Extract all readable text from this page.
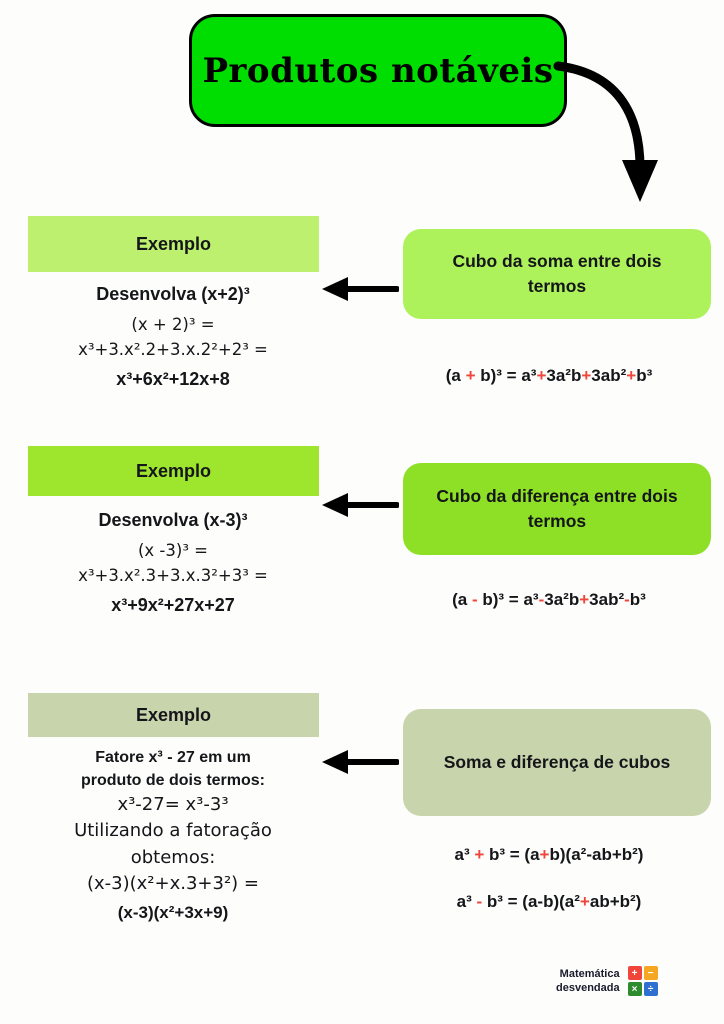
Produtos notáveis
Cubo da soma entre dois termos
(a + b)³ = a³+3a²b+3ab²+b³
Exemplo
Desenvolva (x+2)³
(x + 2)³ =
x³+3.x².2+3.x.2²+2³ =
x³+6x²+12x+8
Cubo da diferença entre dois termos
(a - b)³ = a³-3a²b+3ab²-b³
Exemplo
Desenvolva (x-3)³
(x -3)³ =
x³+3.x².3+3.x.3²+3³ =
x³+9x²+27x+27
Soma e diferença de cubos
a³ + b³ = (a+b)(a²-ab+b²)
a³ - b³ = (a-b)(a²+ab+b²)
Exemplo
Fatore x³ - 27 em um
produto de dois termos:
x³-27= x³-3³
Utilizando a fatoração
obtemos:
(x-3)(x²+x.3+3²) =
(x-3)(x²+3x+9)
Matemática
desvendada
+	−
×	÷
